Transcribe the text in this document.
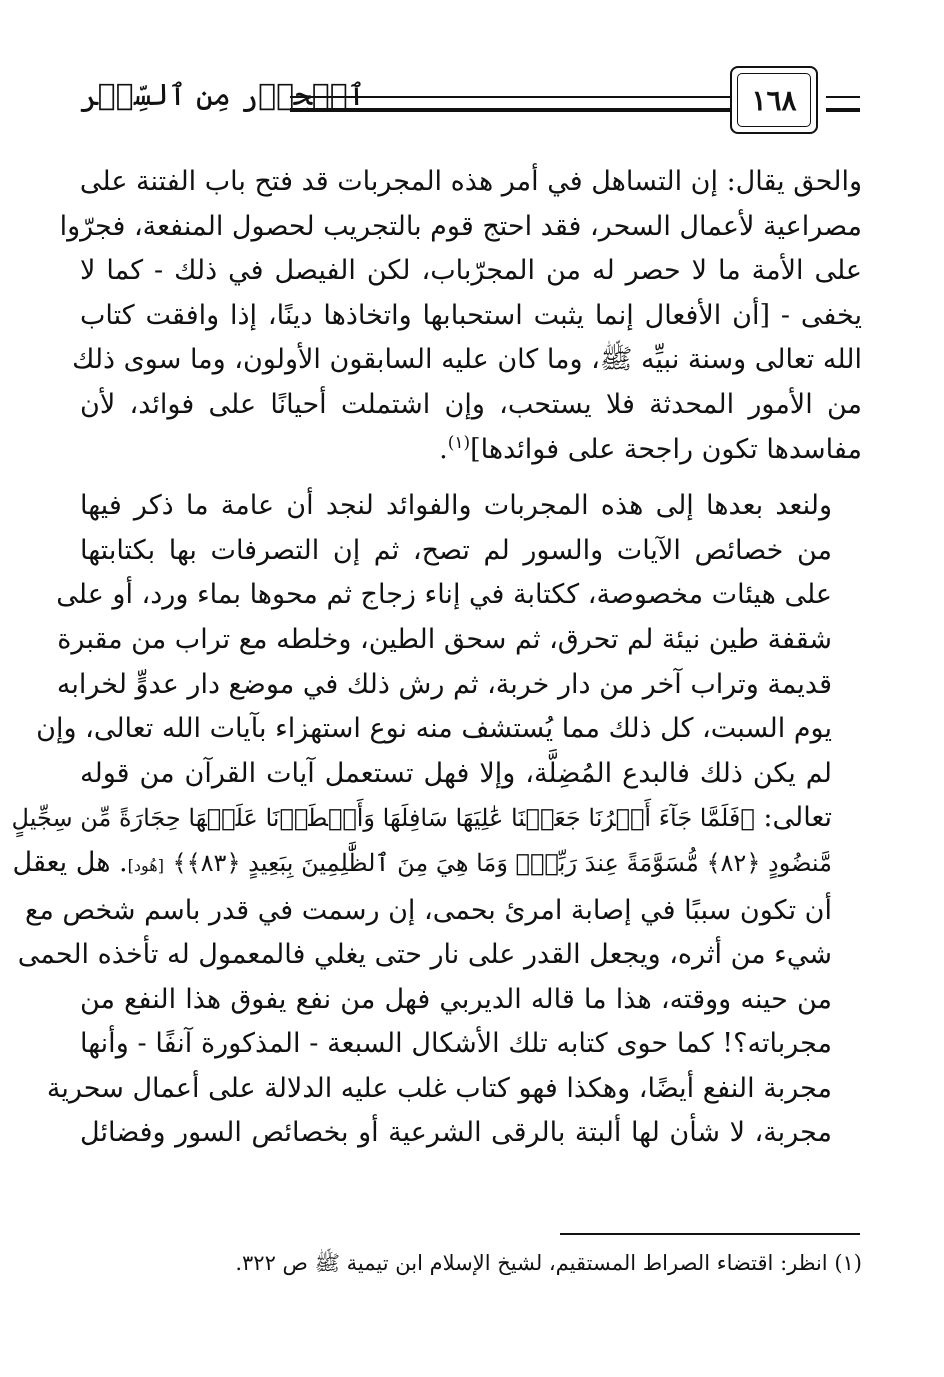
ٱلۡحِذۡر مِن ٱلسِّحۡر	١٦٨

والحق يقال: إن التساهل في أمر هذه المجربات قد فتح باب الفتنة على
مصراعية لأعمال السحر، فقد احتج قوم بالتجريب لحصول المنفعة، فجرّوا
على الأمة ما لا حصر له من المجرّباب، لكن الفيصل في ذلك - كما لا
يخفى - [أن الأفعال إنما يثبت استحبابها واتخاذها دينًا، إذا وافقت كتاب
الله تعالى وسنة نبيِّه ﷺ، وما كان عليه السابقون الأولون، وما سوى ذلك
من الأمور المحدثة فلا يستحب، وإن اشتملت أحيانًا على فوائد، لأن
مفاسدها تكون راجحة على فوائدها]$^{(١)}$.

ولنعد بعدها إلى هذه المجربات والفوائد لنجد أن عامة ما ذكر فيها
من خصائص الآيات والسور لم تصح، ثم إن التصرفات بها بكتابتها
على هيئات مخصوصة، ككتابة في إناء زجاج ثم محوها بماء ورد، أو على
شقفة طين نيئة لم تحرق، ثم سحق الطين، وخلطه مع تراب من مقبرة
قديمة وتراب آخر من دار خربة، ثم رش ذلك في موضع دار عدوٍّ لخرابه
يوم السبت، كل ذلك مما يُستشف منه نوع استهزاء بآيات الله تعالى، وإن
لم يكن ذلك فالبدع المُضِلَّة، وإلا فهل تستعمل آيات القرآن من قوله
تعالى: ﴿فَلَمَّا جَآءَ أَمۡرُنَا جَعَلۡنَا عَٰلِيَهَا سَافِلَهَا وَأَمۡطَرۡنَا عَلَيۡهَا حِجَارَةً مِّن سِجِّيلٍ
مَّنضُودٍ ﴿٨٢﴾ مُّسَوَّمَةً عِندَ رَبِّكَۖ وَمَا هِيَ مِنَ ٱلظَّٰلِمِينَ بِبَعِيدٍ ﴿٨٣﴾﴾ [هُود]. هل يعقل
أن تكون سببًا في إصابة امرئ بحمى، إن رسمت في قدر باسم شخص مع
شيء من أثره، ويجعل القدر على نار حتى يغلي فالمعمول له تأخذه الحمى
من حينه ووقته، هذا ما قاله الديربي فهل من نفع يفوق هذا النفع من
مجرباته؟! كما حوى كتابه تلك الأشكال السبعة - المذكورة آنفًا - وأنها
مجربة النفع أيضًا، وهكذا فهو كتاب غلب عليه الدلالة على أعمال سحرية
مجربة، لا شأن لها ألبتة بالرقى الشرعية أو بخصائص السور وفضائل

(١) انظر: اقتضاء الصراط المستقيم، لشيخ الإسلام ابن تيمية ﷺ ص ٣٢٢.
